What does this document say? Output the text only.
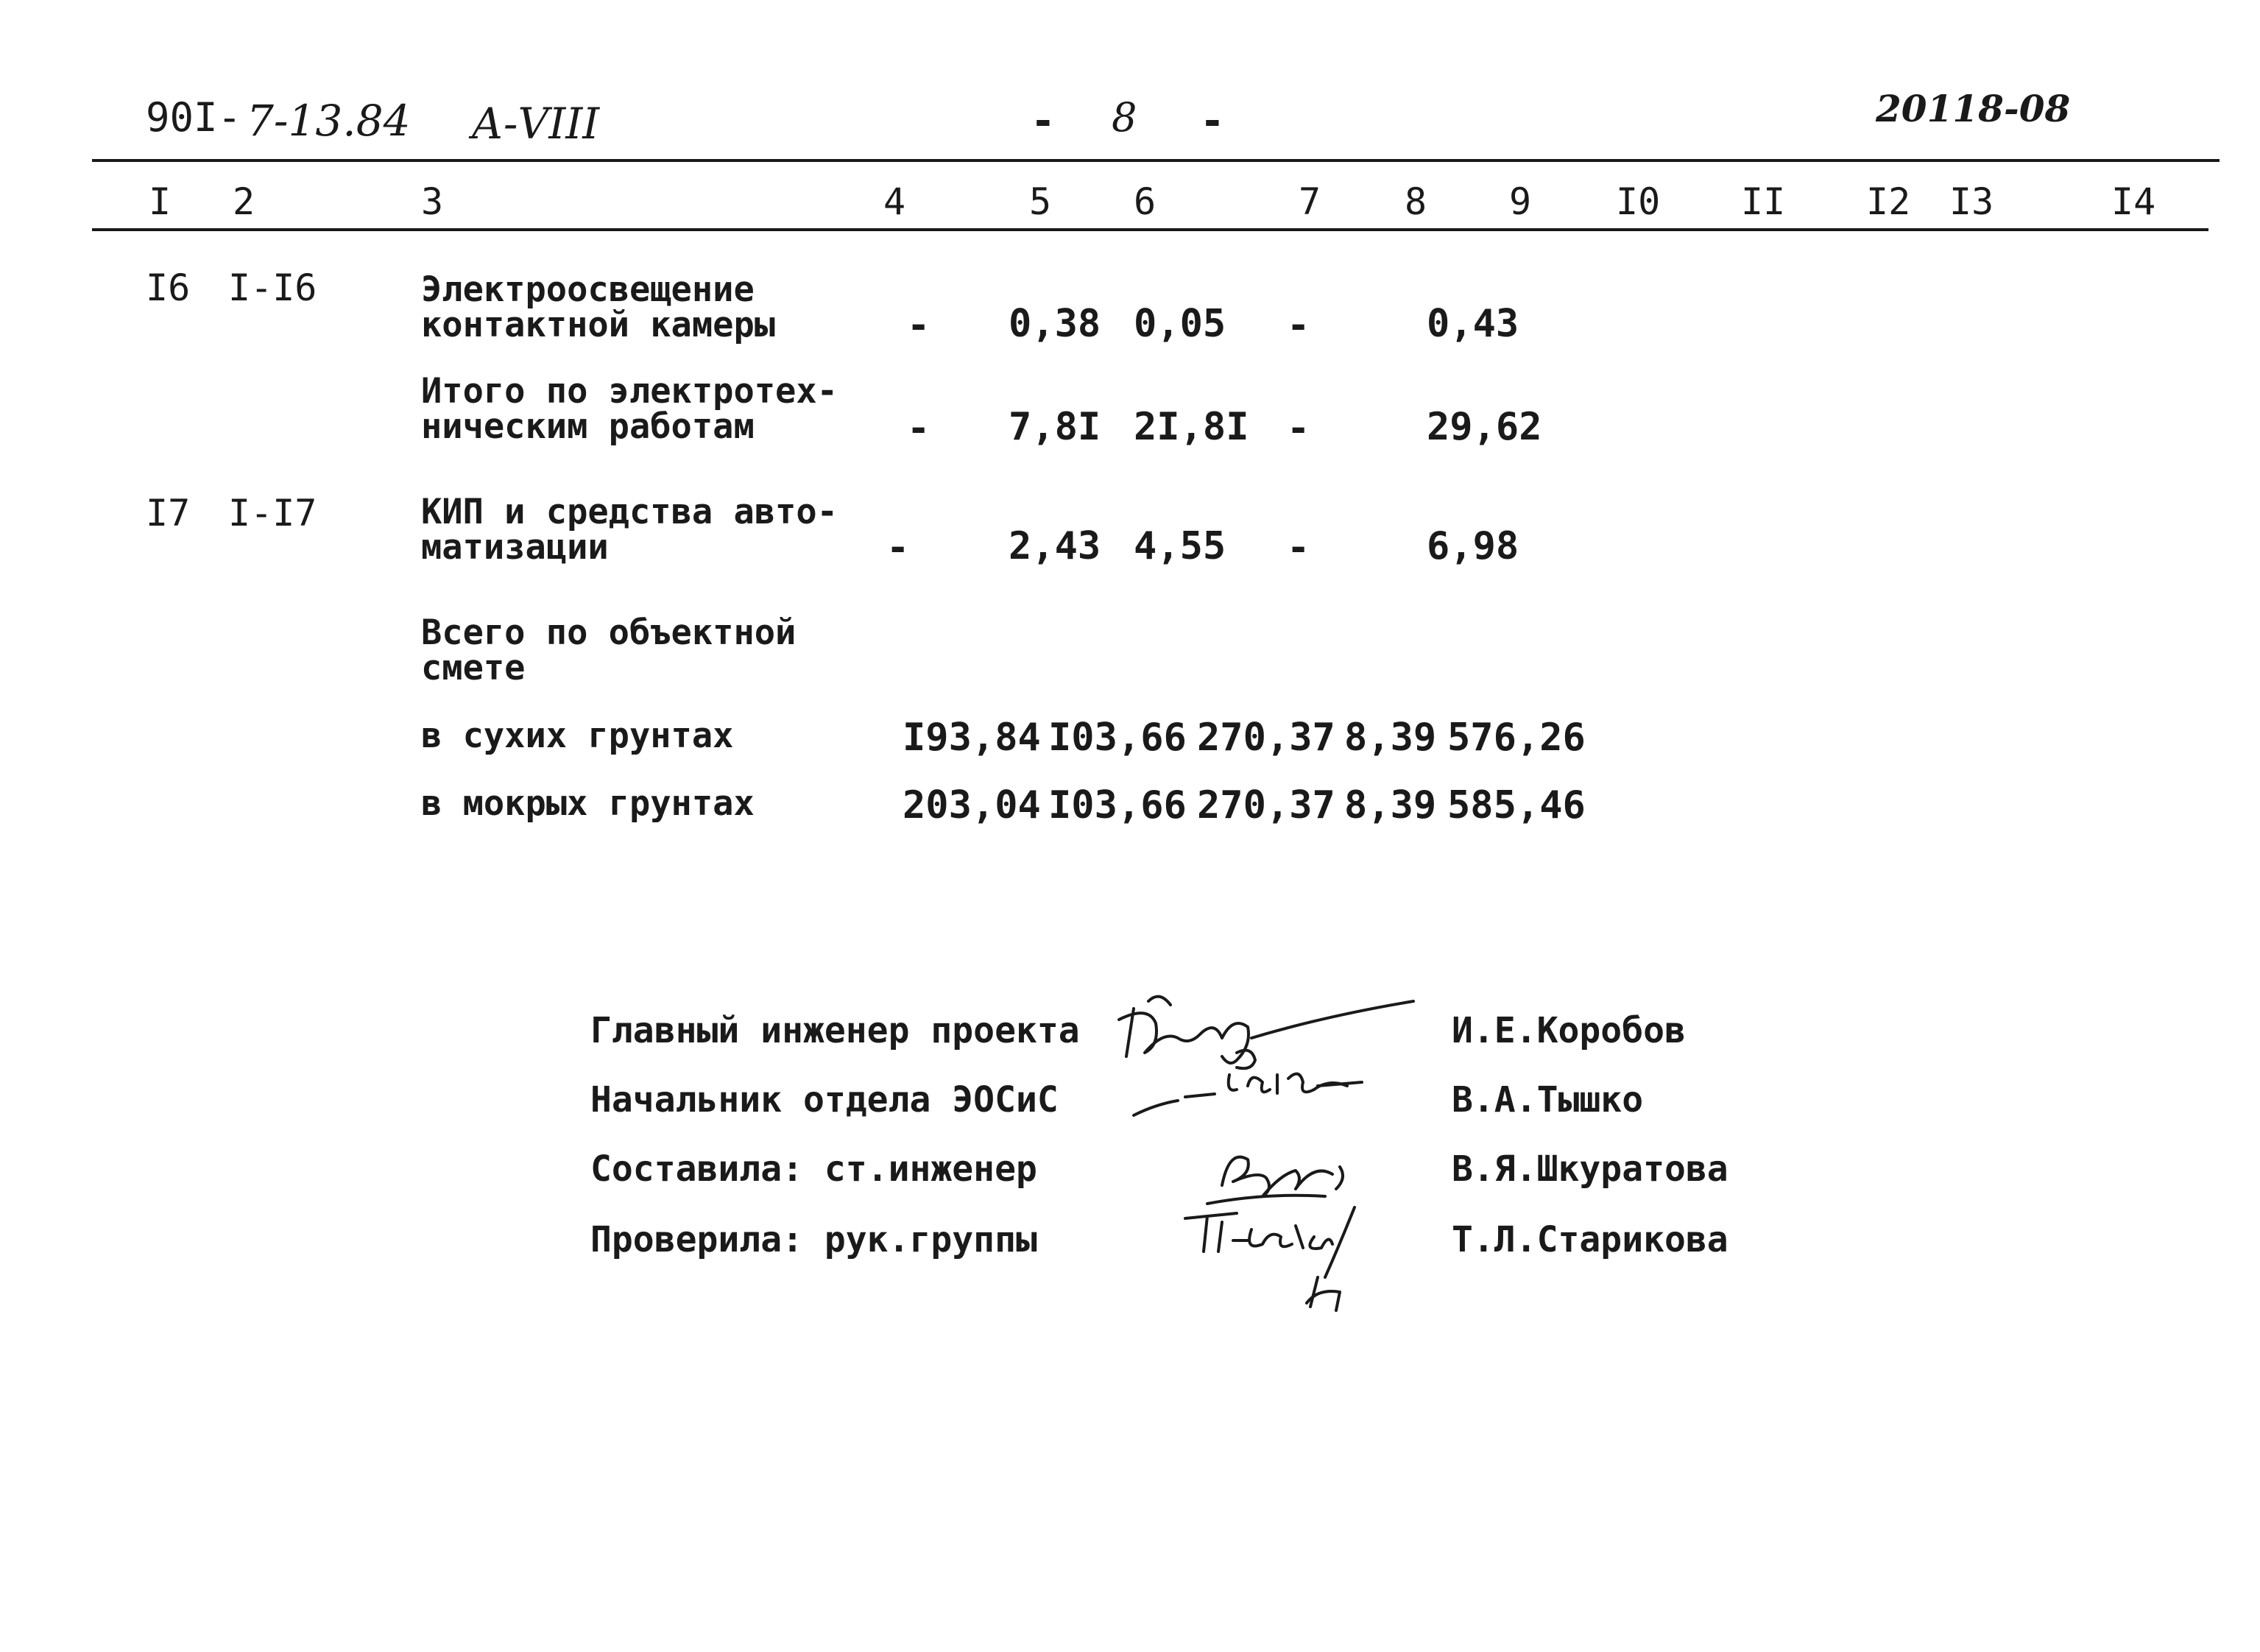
90I- 7-13.84 А-VIII	- 8 -	20118-08
I 2	3	4	5 6	7 8 9 I0 II I2 I3	I4
I6 I-I6	Электроосвещение
контактной камеры	- 0,38 0,05 -	0,43
Итого по электротех-
ническим работам	- 7,8I 2I,8I -	29,62
I7 I-I7	КИП и средства авто-
матизации	-	2,43 4,55 -	6,98
Всего по объектной
смете
в сухих грунтах	I93,84 I03,66 270,37 8,39 576,26
в мокрых грунтах	203,04 I03,66 270,37 8,39 585,46
Главный инженер проекта	И.Е.Коробов
Начальник отдела ЭОСиС	В.А.Тышко
Составила: ст.инженер	В.Я.Шкуратова
Проверила: рук.группы	Т.Л.Старикова
